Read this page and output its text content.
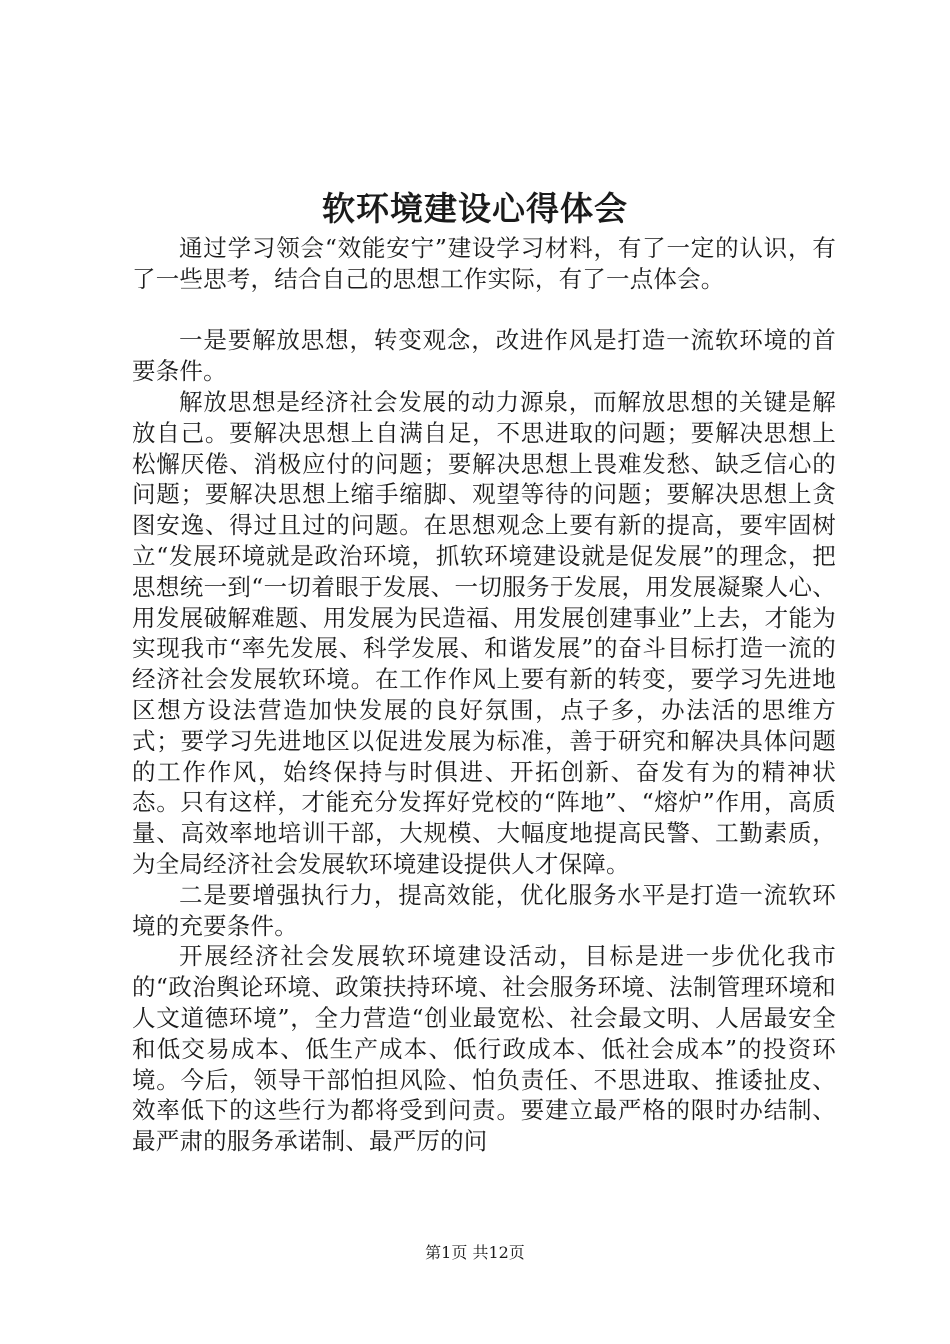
软环境建设心得体会

通过学习领会“效能安宁”建设学习材料，有了一定的认识，有了一些思考，结合自己的思想工作实际，有了一点体会。

一是要解放思想，转变观念，改进作风是打造一流软环境的首要条件。

解放思想是经济社会发展的动力源泉，而解放思想的关键是解放自己。要解决思想上自满自足，不思进取的问题；要解决思想上松懈厌倦、消极应付的问题；要解决思想上畏难发愁、缺乏信心的问题；要解决思想上缩手缩脚、观望等待的问题；要解决思想上贪图安逸、得过且过的问题。在思想观念上要有新的提高，要牢固树立“发展环境就是政治环境，抓软环境建设就是促发展”的理念，把思想统一到“一切着眼于发展、一切服务于发展，用发展凝聚人心、用发展破解难题、用发展为民造福、用发展创建事业”上去，才能为实现我市“率先发展、科学发展、和谐发展”的奋斗目标打造一流的经济社会发展软环境。在工作作风上要有新的转变，要学习先进地区想方设法营造加快发展的良好氛围，点子多，办法活的思维方式；要学习先进地区以促进发展为标准，善于研究和解决具体问题的工作作风，始终保持与时俱进、开拓创新、奋发有为的精神状态。只有这样，才能充分发挥好党校的“阵地”、“熔炉”作用，高质量、高效率地培训干部，大规模、大幅度地提高民警、工勤素质，为全局经济社会发展软环境建设提供人才保障。

二是要增强执行力，提高效能，优化服务水平是打造一流软环境的充要条件。

开展经济社会发展软环境建设活动，目标是进一步优化我市的“政治舆论环境、政策扶持环境、社会服务环境、法制管理环境和人文道德环境”，全力营造“创业最宽松、社会最文明、人居最安全和低交易成本、低生产成本、低行政成本、低社会成本”的投资环境。今后，领导干部怕担风险、怕负责任、不思进取、推诿扯皮、效率低下的这些行为都将受到问责。要建立最严格的限时办结制、最严肃的服务承诺制、最严厉的问

第1页 共12页
